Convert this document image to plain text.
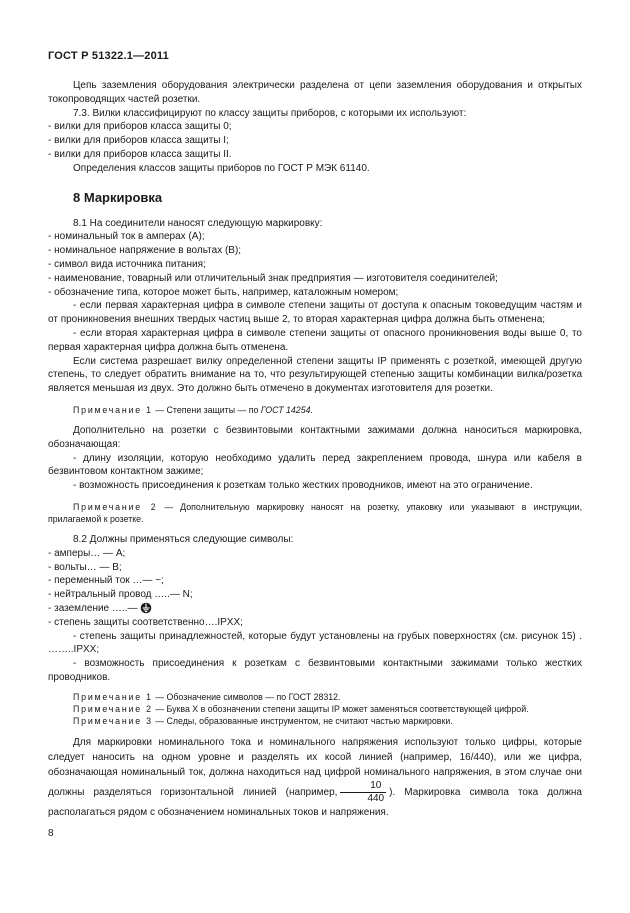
ГОСТ Р 51322.1—2011

Цепь заземления оборудования электрически разделена от цепи заземления оборудования и открытых токопроводящих частей розетки.

7.3. Вилки классифицируют по классу защиты приборов, с которыми их используют:

- вилки для приборов класса защиты 0;

- вилки для приборов класса защиты I;

- вилки для приборов класса защиты II.

Определения классов защиты приборов по ГОСТ Р МЭК 61140.

8 Маркировка

8.1 На соединители наносят следующую маркировку:

- номинальный ток в амперах (А);

- номинальное напряжение в вольтах (В);

- символ вида источника питания;

- наименование, товарный или отличительный знак предприятия — изготовителя соединителей;

- обозначение типа, которое может быть, например, каталожным номером;

- если первая характерная цифра в символе степени защиты от доступа к опасным токоведущим частям и от проникновения внешних твердых частиц выше 2, то вторая характерная цифра должна быть отменена;

- если вторая характерная цифра в символе степени защиты от опасного проникновения воды выше 0, то первая характерная цифра должна быть отменена.

Если система разрешает вилку определенной степени защиты IP применять с розеткой, имеющей другую степень, то следует обратить внимание на то, что результирующей степенью защиты комбинации вилка/розетка является меньшая из двух. Это должно быть отмечено в документах изготовителя для розетки.

Примечание 1 — Степени защиты — по ГОСТ 14254.

Дополнительно на розетки с безвинтовыми контактными зажимами должна наноситься маркировка, обозначающая:

- длину изоляции, которую необходимо удалить перед закреплением провода, шнура или кабеля в безвинтовом контактном зажиме;

- возможность присоединения к розеткам только жестких проводников, имеют на это ограничение.

Примечание 2 — Дополнительную маркировку наносят на розетку, упаковку или указывают в инструкции, прилагаемой к розетке.

8.2 Должны применяться следующие символы:

- амперы… — А;

- вольты… — В;

- переменный ток …— ~;

- нейтральный провод …..— N;

- заземление …..—

- степень защиты соответственно….IPXX;

- степень защиты принадлежностей, которые будут установлены на грубых поверхностях (см. рисунок 15) . ……..IPXX;

- возможность присоединения к розеткам с безвинтовыми контактными зажимами только жестких проводников.

Примечание 1 — Обозначение символов — по ГОСТ 28312.

Примечание 2 — Буква X в обозначении степени защиты IP может заменяться соответствующей цифрой.

Примечание 3 — Следы, образованные инструментом, не считают частью маркировки.

Для маркировки номинального тока и номинального напряжения используют только цифры, которые следует наносить на одном уровне и разделять их косой линией (например, 16/440), или же цифра, обозначающая номинальный ток, должна находиться над цифрой номинального напряжения, в этом случае они должны разделяться горизонтальной линией (например, $\frac{10}{440}$ ). Маркировка символа тока должна располагаться рядом с обозначением номинальных токов и напряжения.

8
